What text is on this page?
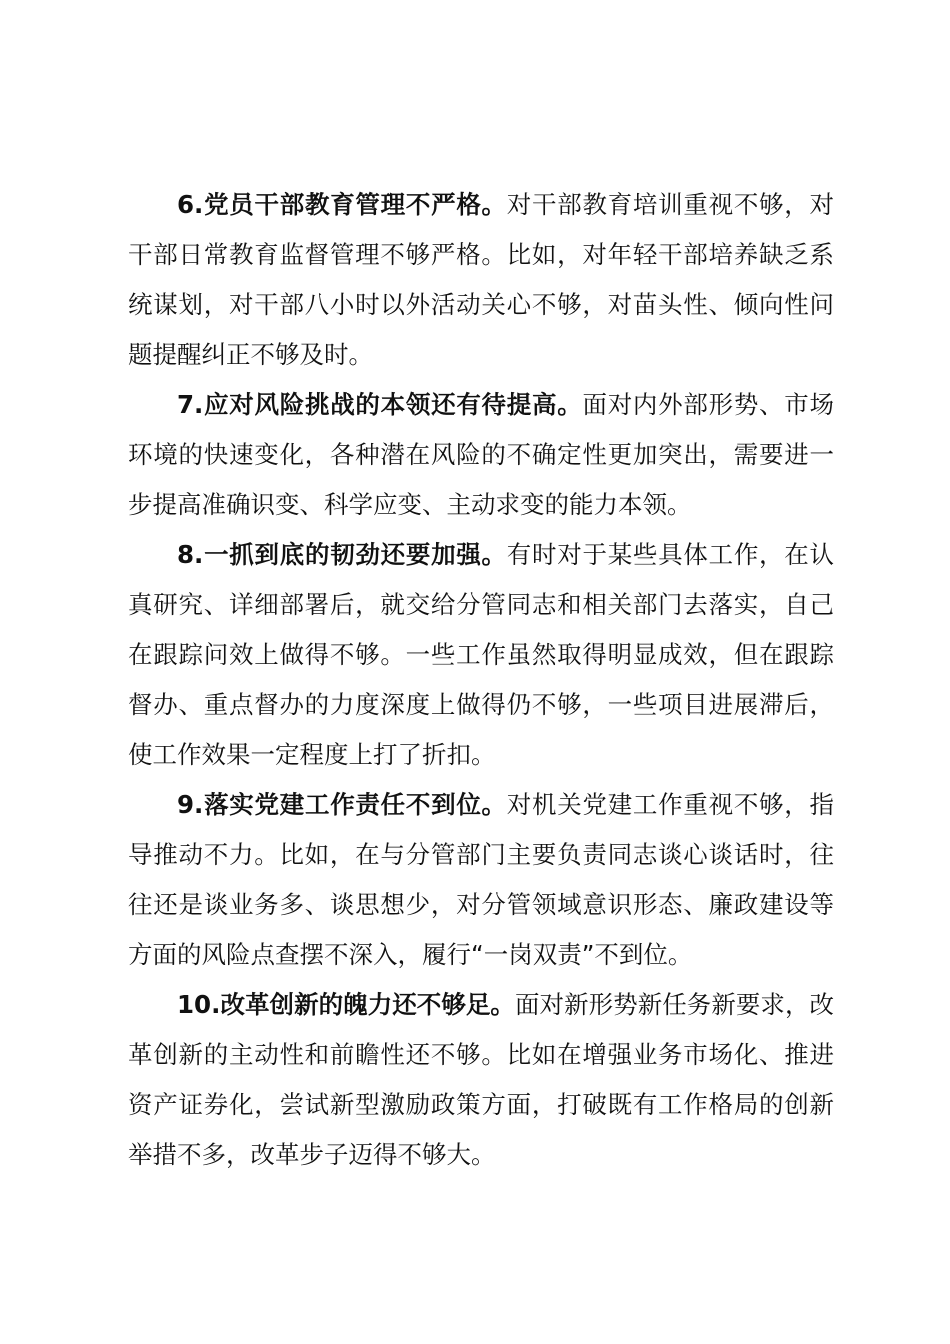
6.党员干部教育管理不严格。对干部教育培训重视不够，对干部日常教育监督管理不够严格。比如，对年轻干部培养缺乏系统谋划，对干部八小时以外活动关心不够，对苗头性、倾向性问题提醒纠正不够及时。

7.应对风险挑战的本领还有待提高。面对内外部形势、市场环境的快速变化，各种潜在风险的不确定性更加突出，需要进一步提高准确识变、科学应变、主动求变的能力本领。

8.一抓到底的韧劲还要加强。有时对于某些具体工作，在认真研究、详细部署后，就交给分管同志和相关部门去落实，自己在跟踪问效上做得不够。一些工作虽然取得明显成效，但在跟踪督办、重点督办的力度深度上做得仍不够，一些项目进展滞后，使工作效果一定程度上打了折扣。

9.落实党建工作责任不到位。对机关党建工作重视不够，指导推动不力。比如，在与分管部门主要负责同志谈心谈话时，往往还是谈业务多、谈思想少，对分管领域意识形态、廉政建设等方面的风险点查摆不深入，履行“一岗双责”不到位。

10.改革创新的魄力还不够足。面对新形势新任务新要求，改革创新的主动性和前瞻性还不够。比如在增强业务市场化、推进资产证券化，尝试新型激励政策方面，打破既有工作格局的创新举措不多，改革步子迈得不够大。
